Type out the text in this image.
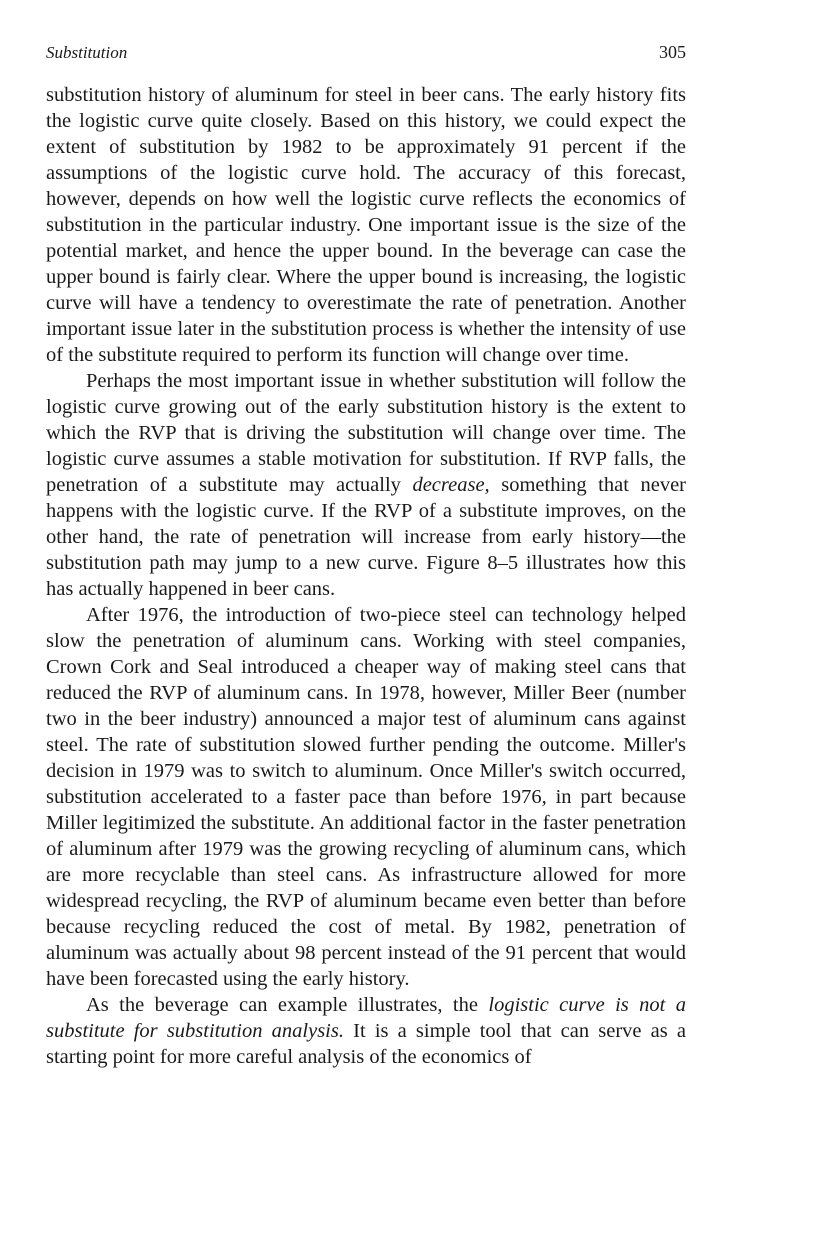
Substitution	305

substitution history of aluminum for steel in beer cans. The early history fits the logistic curve quite closely. Based on this history, we could expect the extent of substitution by 1982 to be approximately 91 percent if the assumptions of the logistic curve hold. The accuracy of this forecast, however, depends on how well the logistic curve reflects the economics of substitution in the particular industry. One important issue is the size of the potential market, and hence the upper bound. In the beverage can case the upper bound is fairly clear. Where the upper bound is increasing, the logistic curve will have a tendency to overestimate the rate of penetration. Another important issue later in the substitution process is whether the intensity of use of the substitute required to perform its function will change over time.

Perhaps the most important issue in whether substitution will follow the logistic curve growing out of the early substitution history is the extent to which the RVP that is driving the substitution will change over time. The logistic curve assumes a stable motivation for substitution. If RVP falls, the penetration of a substitute may actually decrease, something that never happens with the logistic curve. If the RVP of a substitute improves, on the other hand, the rate of penetration will increase from early history—the substitution path may jump to a new curve. Figure 8–5 illustrates how this has actually happened in beer cans.

After 1976, the introduction of two-piece steel can technology helped slow the penetration of aluminum cans. Working with steel companies, Crown Cork and Seal introduced a cheaper way of making steel cans that reduced the RVP of aluminum cans. In 1978, however, Miller Beer (number two in the beer industry) announced a major test of aluminum cans against steel. The rate of substitution slowed further pending the outcome. Miller's decision in 1979 was to switch to aluminum. Once Miller's switch occurred, substitution accelerated to a faster pace than before 1976, in part because Miller legitimized the substitute. An additional factor in the faster penetration of aluminum after 1979 was the growing recycling of aluminum cans, which are more recyclable than steel cans. As infrastructure allowed for more widespread recycling, the RVP of aluminum became even better than before because recycling reduced the cost of metal. By 1982, penetration of aluminum was actually about 98 percent instead of the 91 percent that would have been forecasted using the early history.

As the beverage can example illustrates, the logistic curve is not a substitute for substitution analysis. It is a simple tool that can serve as a starting point for more careful analysis of the economics of
